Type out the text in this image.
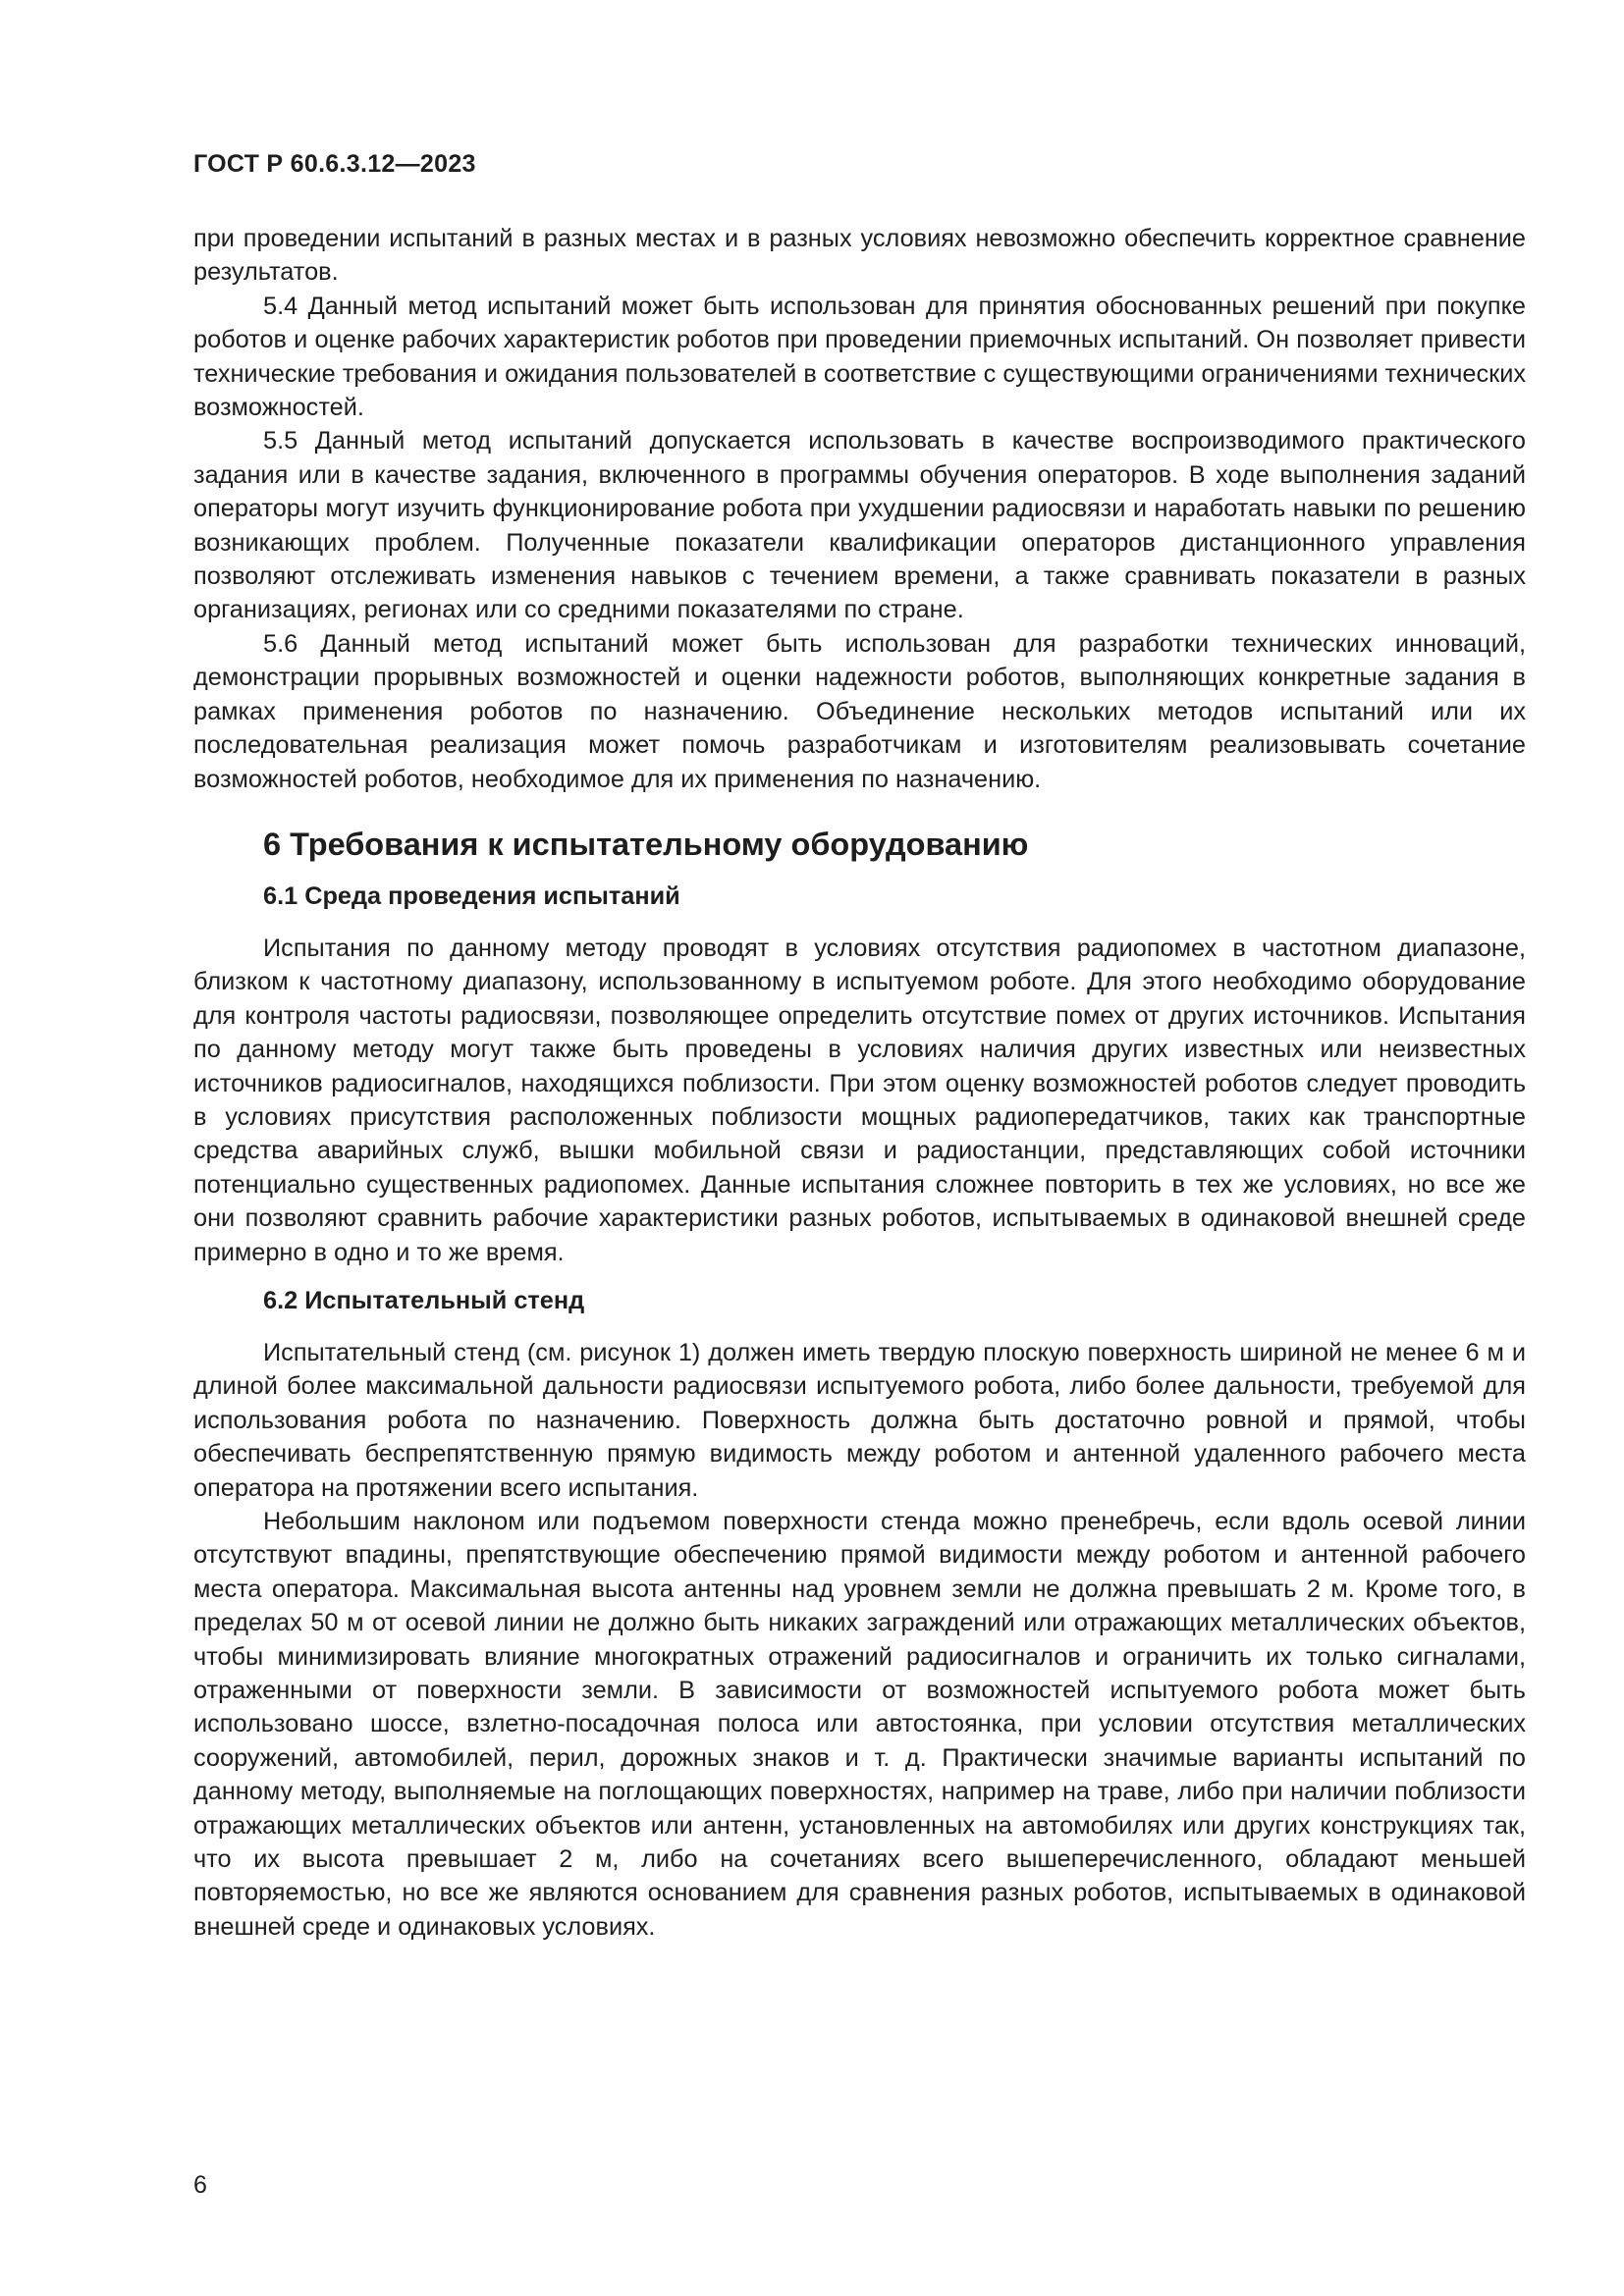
ГОСТ Р 60.6.3.12—2023

при проведении испытаний в разных местах и в разных условиях невозможно обеспечить корректное сравнение результатов.

5.4 Данный метод испытаний может быть использован для принятия обоснованных решений при покупке роботов и оценке рабочих характеристик роботов при проведении приемочных испытаний. Он позволяет привести технические требования и ожидания пользователей в соответствие с существующими ограничениями технических возможностей.

5.5 Данный метод испытаний допускается использовать в качестве воспроизводимого практического задания или в качестве задания, включенного в программы обучения операторов. В ходе выполнения заданий операторы могут изучить функционирование робота при ухудшении радиосвязи и наработать навыки по решению возникающих проблем. Полученные показатели квалификации операторов дистанционного управления позволяют отслеживать изменения навыков с течением времени, а также сравнивать показатели в разных организациях, регионах или со средними показателями по стране.

5.6 Данный метод испытаний может быть использован для разработки технических инноваций, демонстрации прорывных возможностей и оценки надежности роботов, выполняющих конкретные задания в рамках применения роботов по назначению. Объединение нескольких методов испытаний или их последовательная реализация может помочь разработчикам и изготовителям реализовывать сочетание возможностей роботов, необходимое для их применения по назначению.

6 Требования к испытательному оборудованию
6.1 Среда проведения испытаний

Испытания по данному методу проводят в условиях отсутствия радиопомех в частотном диапазоне, близком к частотному диапазону, использованному в испытуемом роботе. Для этого необходимо оборудование для контроля частоты радиосвязи, позволяющее определить отсутствие помех от других источников. Испытания по данному методу могут также быть проведены в условиях наличия других известных или неизвестных источников радиосигналов, находящихся поблизости. При этом оценку возможностей роботов следует проводить в условиях присутствия расположенных поблизости мощных радиопередатчиков, таких как транспортные средства аварийных служб, вышки мобильной связи и радиостанции, представляющих собой источники потенциально существенных радиопомех. Данные испытания сложнее повторить в тех же условиях, но все же они позволяют сравнить рабочие характеристики разных роботов, испытываемых в одинаковой внешней среде примерно в одно и то же время.

6.2 Испытательный стенд

Испытательный стенд (см. рисунок 1) должен иметь твердую плоскую поверхность шириной не менее 6 м и длиной более максимальной дальности радиосвязи испытуемого робота, либо более дальности, требуемой для использования робота по назначению. Поверхность должна быть достаточно ровной и прямой, чтобы обеспечивать беспрепятственную прямую видимость между роботом и антенной удаленного рабочего места оператора на протяжении всего испытания.

Небольшим наклоном или подъемом поверхности стенда можно пренебречь, если вдоль осевой линии отсутствуют впадины, препятствующие обеспечению прямой видимости между роботом и антенной рабочего места оператора. Максимальная высота антенны над уровнем земли не должна превышать 2 м. Кроме того, в пределах 50 м от осевой линии не должно быть никаких заграждений или отражающих металлических объектов, чтобы минимизировать влияние многократных отражений радиосигналов и ограничить их только сигналами, отраженными от поверхности земли. В зависимости от возможностей испытуемого робота может быть использовано шоссе, взлетно-посадочная полоса или автостоянка, при условии отсутствия металлических сооружений, автомобилей, перил, дорожных знаков и т. д. Практически значимые варианты испытаний по данному методу, выполняемые на поглощающих поверхностях, например на траве, либо при наличии поблизости отражающих металлических объектов или антенн, установленных на автомобилях или других конструкциях так, что их высота превышает 2 м, либо на сочетаниях всего вышеперечисленного, обладают меньшей повторяемостью, но все же являются основанием для сравнения разных роботов, испытываемых в одинаковой внешней среде и одинаковых условиях.

6
